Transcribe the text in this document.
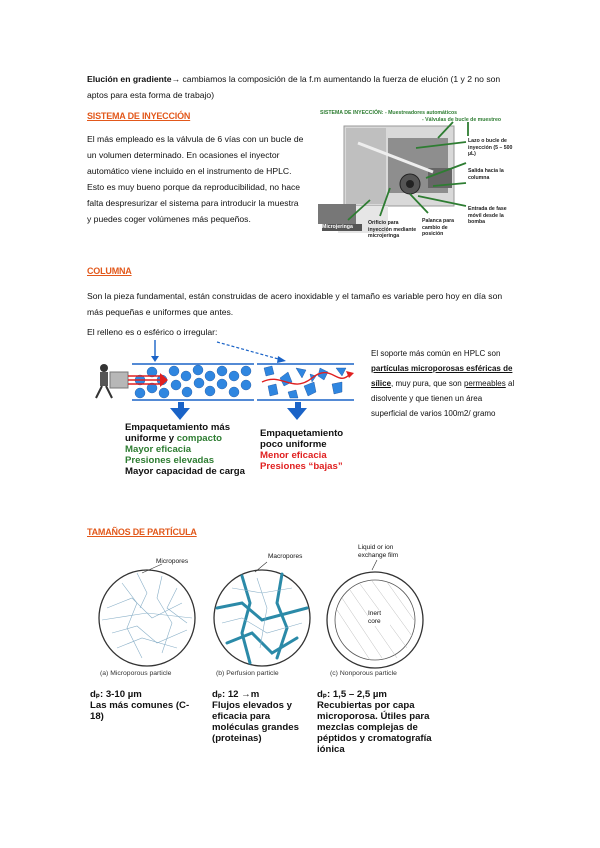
Elución en gradiente→ cambiamos la composición de la f.m aumentando la fuerza de elución (1 y 2 no son aptos para esta forma de trabajo)
SISTEMA DE INYECCIÓN
El más empleado es la válvula de 6 vías con un bucle de un volumen determinado. En ocasiones el inyector automático viene incluido en el instrumento de HPLC. Esto es muy bueno porque da reproducibilidad, no hace falta despresurizar el sistema para introducir la muestra y puedes coger volúmenes más pequeños.
SISTEMA DE INYECCIÓN: - Muestreadores automáticos
- Válvulas de bucle de muestreo
Lazo o bucle de inyección (5 – 500 µL)
Salida hacia la columna
Entrada de fase móvil desde la bomba
Palanca para cambio de posición
Orificio para inyección mediante microjeringa
Microjeringa
COLUMNA
Son la pieza fundamental, están construidas de acero inoxidable y el tamaño es variable pero hoy en día son más pequeñas e uniformes que antes.
El relleno es o esférico o irregular:
Empaquetamiento más
uniforme y compacto
Mayor eficacia
Presiones elevadas
Mayor capacidad de carga
Empaquetamiento
poco uniforme
Menor eficacia
Presiones “bajas”
El soporte más común en HPLC son partículas microporosas esféricas de sílice, muy pura, que son permeables al disolvente y que tienen un área superficial de varios 100m2/ gramo
TAMAÑOS DE PARTÍCULA
Micropores
Macropores
Liquid or ion exchange film
Inert core
(a) Microporous particle	(b) Perfusion particle	(c) Nonporous particle
dₚ: 3-10 µm
Las más comunes (C-18)
dₚ: 12 →m
Flujos elevados y eficacia para moléculas grandes (proteinas)
dₚ: 1,5 – 2,5 µm
Recubiertas por capa microporosa. Útiles para mezclas complejas de péptidos y cromatografía iónica
